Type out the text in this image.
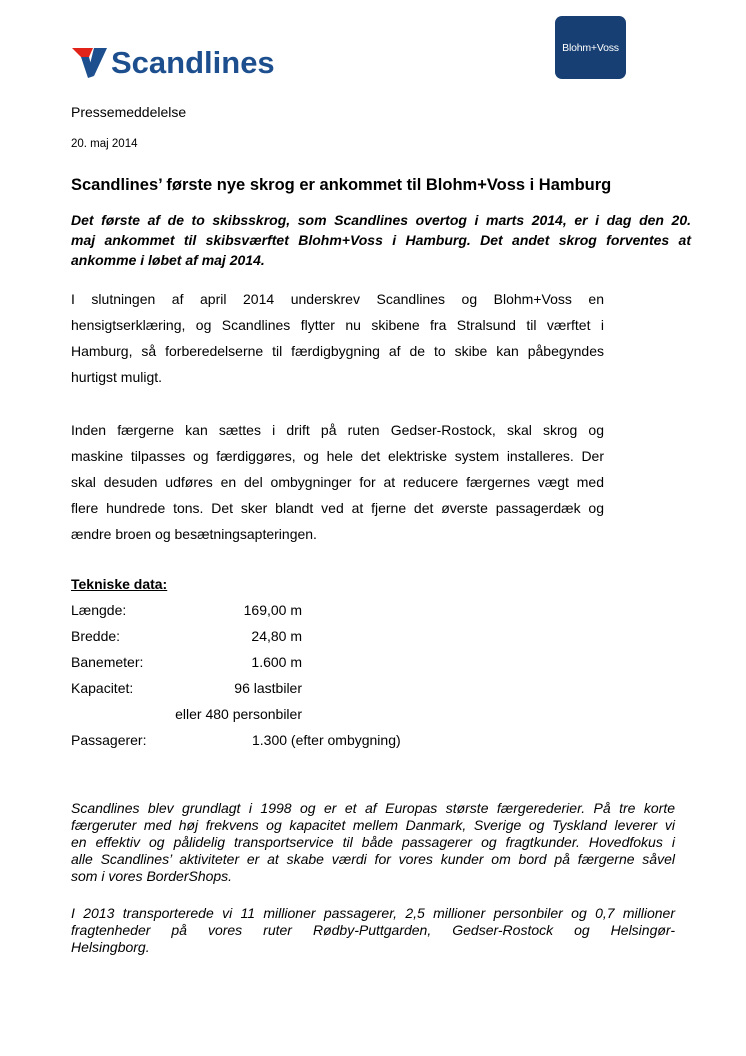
Scandlines	Blohm+Voss
Pressemeddelelse
20. maj 2014
Scandlines’ første nye skrog er ankommet til Blohm+Voss i Hamburg
Det første af de to skibsskrog, som Scandlines overtog i marts 2014, er i dag den 20.
maj ankommet til skibsværftet Blohm+Voss i Hamburg. Det andet skrog forventes at
ankomme i løbet af maj 2014.
I slutningen af april 2014 underskrev Scandlines og Blohm+Voss en
hensigtserklæring, og Scandlines flytter nu skibene fra Stralsund til værftet i
Hamburg, så forberedelserne til færdigbygning af de to skibe kan påbegyndes
hurtigst muligt.
Inden færgerne kan sættes i drift på ruten Gedser-Rostock, skal skrog og
maskine tilpasses og færdiggøres, og hele det elektriske system installeres. Der
skal desuden udføres en del ombygninger for at reducere færgernes vægt med
flere hundrede tons. Det sker blandt ved at fjerne det øverste passagerdæk og
ændre broen og besætningsapteringen.
Tekniske data:
Længde:	169,00 m
Bredde:	24,80 m
Banemeter:	1.600 m
Kapacitet:	96 lastbiler
eller 480 personbiler
Passagerer:	1.300 (efter ombygning)
Scandlines blev grundlagt i 1998 og er et af Europas største færgerederier. På tre korte
færgeruter med høj frekvens og kapacitet mellem Danmark, Sverige og Tyskland leverer vi
en effektiv og pålidelig transportservice til både passagerer og fragtkunder. Hovedfokus i
alle Scandlines’ aktiviteter er at skabe værdi for vores kunder om bord på færgerne såvel
som i vores BorderShops.
I 2013 transporterede vi 11 millioner passagerer, 2,5 millioner personbiler og 0,7 millioner
fragtenheder på vores ruter Rødby-Puttgarden, Gedser-Rostock og Helsingør-
Helsingborg.
